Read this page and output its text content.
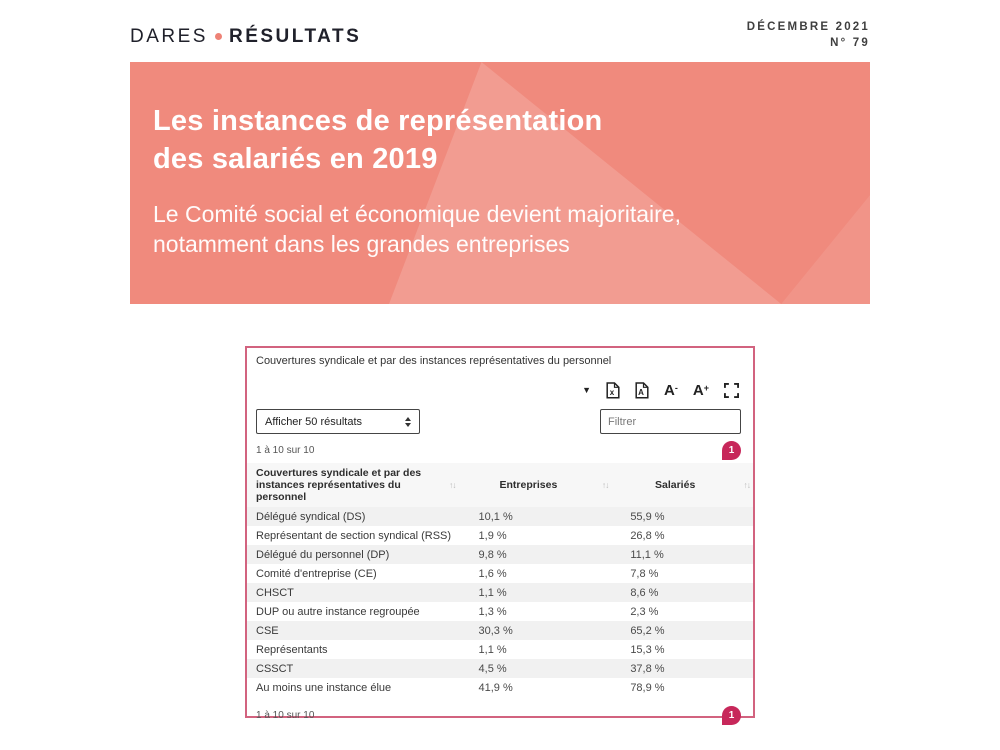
DARES RÉSULTATS	DÉCEMBRE 2021
N° 79
Les instances de représentation
des salariés en 2019

Le Comité social et économique devient majoritaire,
notamment dans les grandes entreprises

Couvertures syndicale et par des instances représentatives du personnel
▼ x	A A- A+
Afficher 50 résultats
Filtrer
1 à 10 sur 10	1
Couvertures syndicale et par des instances représentatives du personnel
↑↓	Entreprises ↑↓	Salariés ↑↓

Délégué syndical (DS)	10,1 %	55,9 %
Représentant de section syndical (RSS)	1,9 %	26,8 %
Délégué du personnel (DP)	9,8 %	11,1 %
Comité d'entreprise (CE)	1,6 %	7,8 %
CHSCT	1,1 %	8,6 %
DUP ou autre instance regroupée	1,3 %	2,3 %
CSE	30,3 %	65,2 %
Représentants	1,1 %	15,3 %
CSSCT	4,5 %	37,8 %
Au moins une instance élue	41,9 %	78,9 %
1 à 10 sur 10	1
